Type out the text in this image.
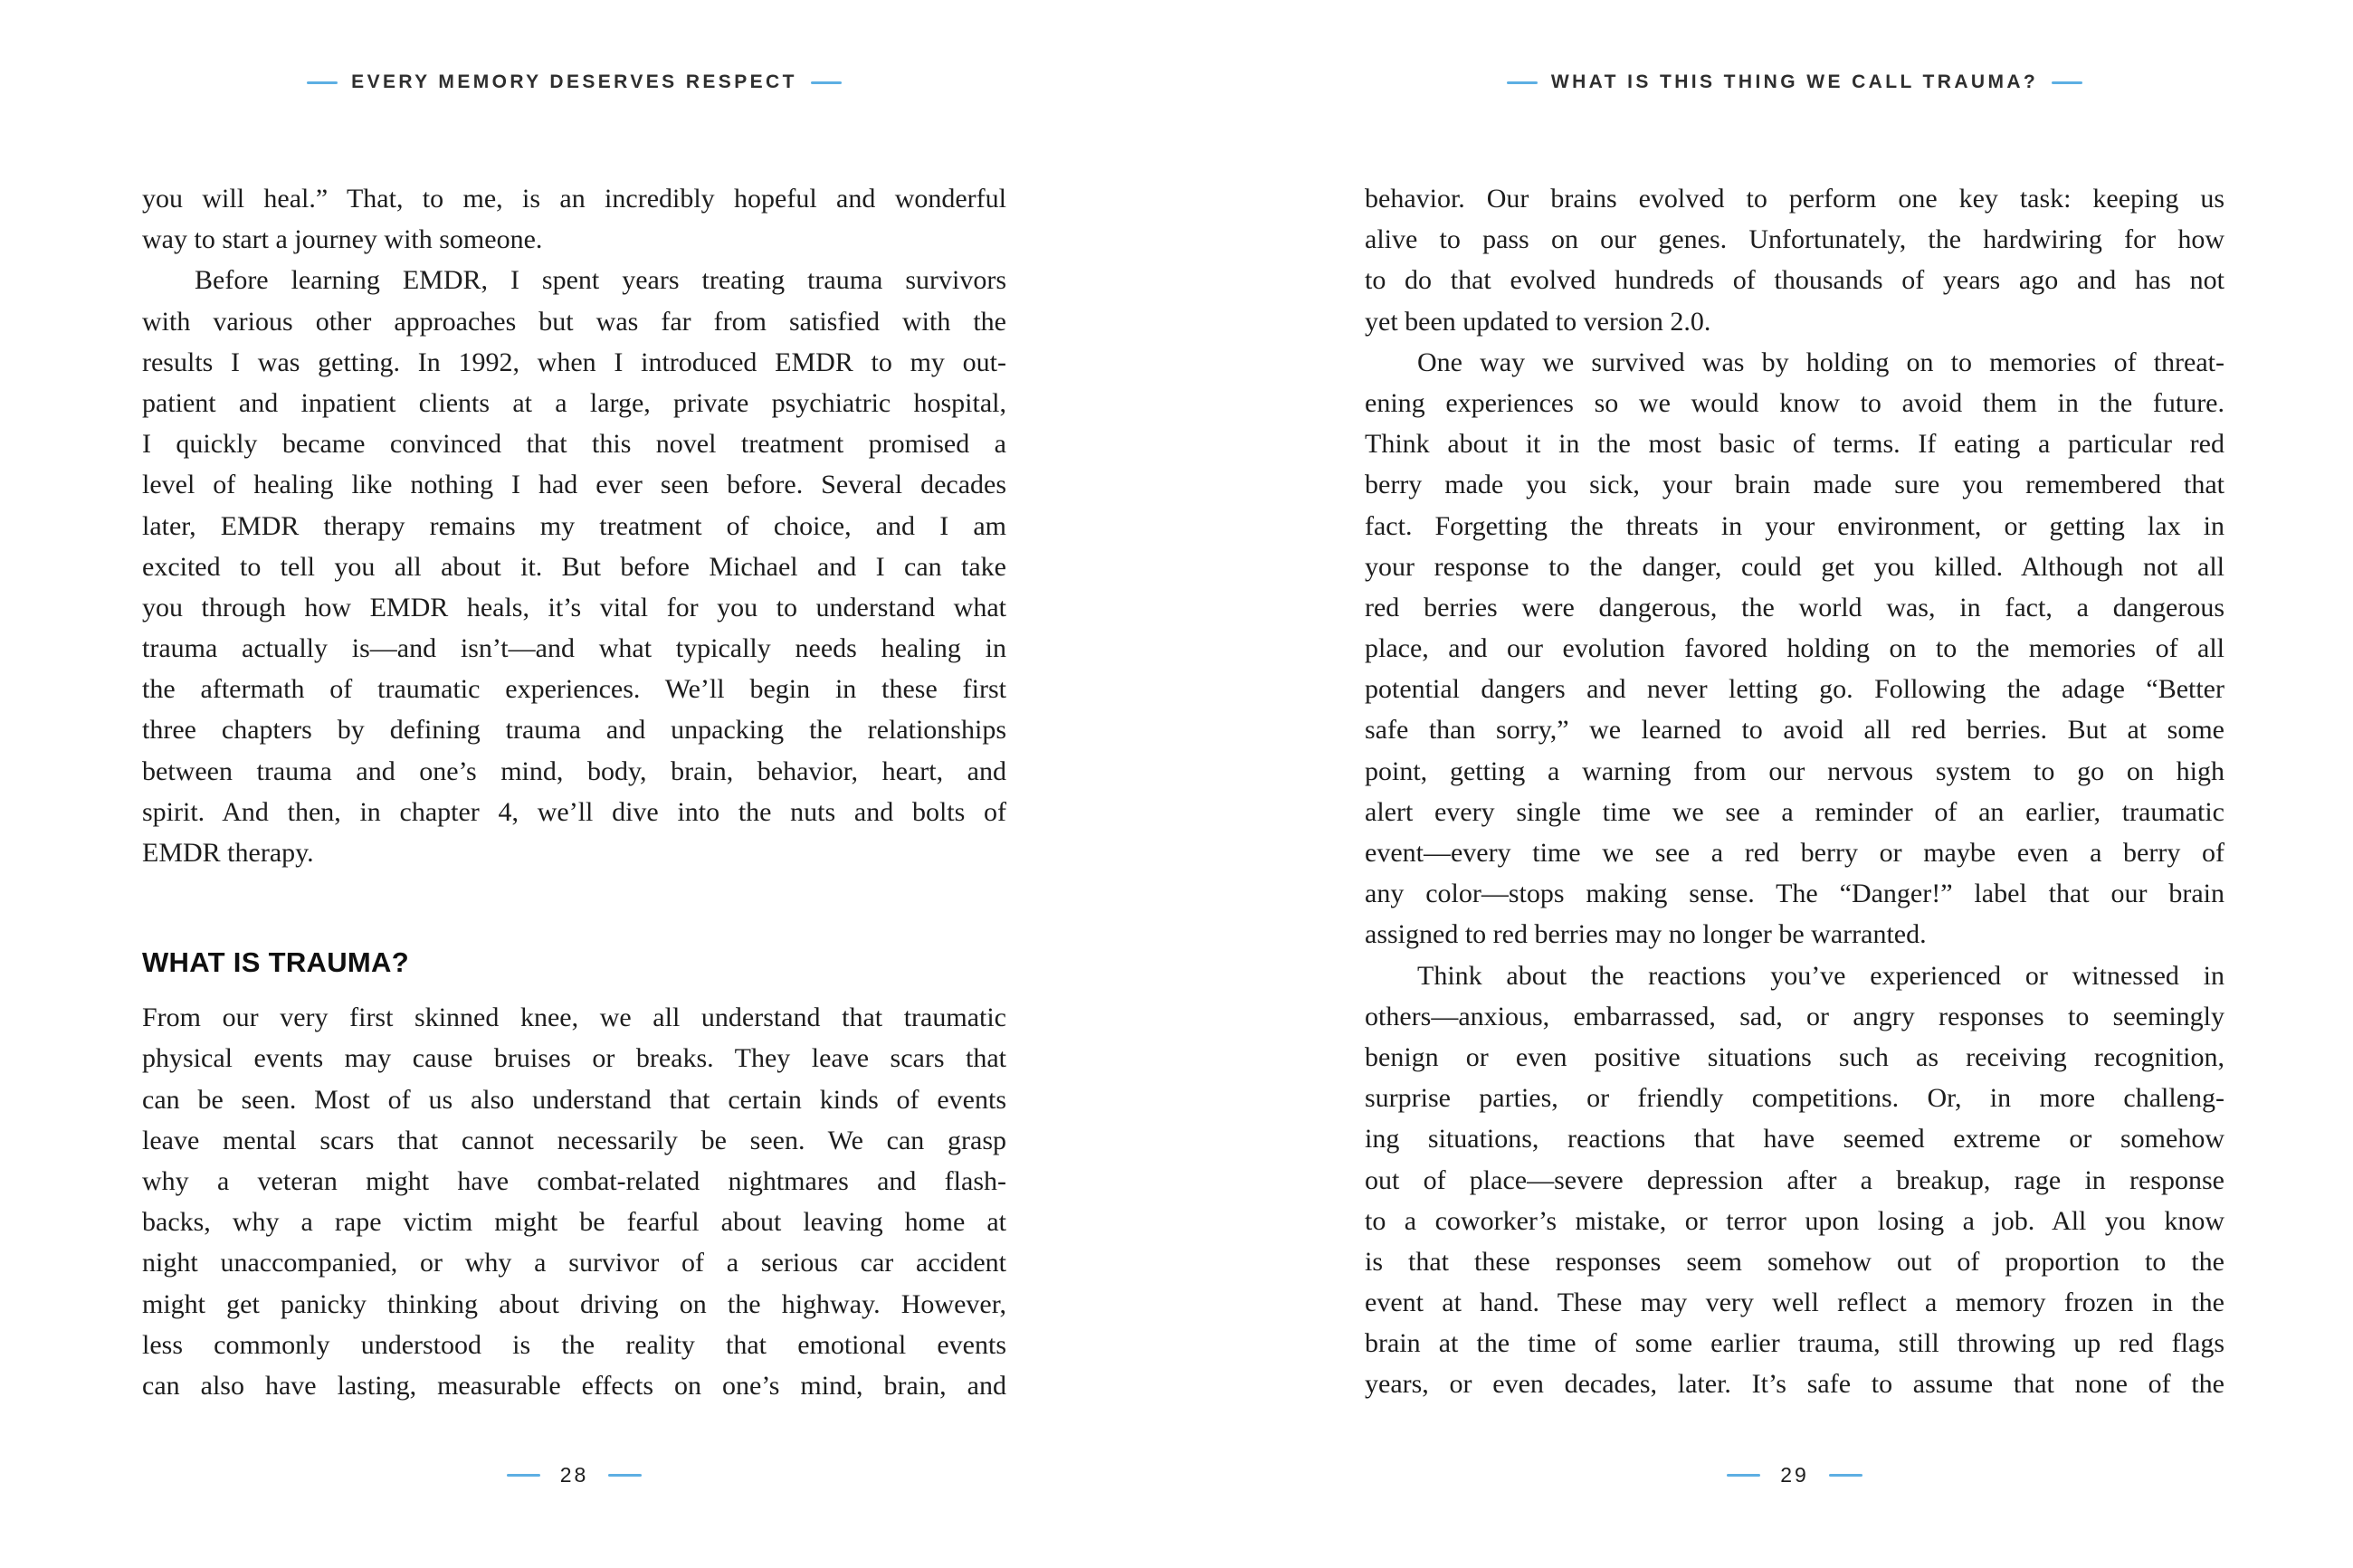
EVERY MEMORY DESERVES RESPECT
you will heal.” That, to me, is an incredibly hopeful and wonderful
way to start a journey with someone.
Before learning EMDR, I spent years treating trauma survivors
with various other approaches but was far from satisfied with the
results I was getting. In 1992, when I introduced EMDR to my out-
patient and inpatient clients at a large, private psychiatric hospital,
I quickly became convinced that this novel treatment promised a
level of healing like nothing I had ever seen before. Several decades
later, EMDR therapy remains my treatment of choice, and I am
excited to tell you all about it. But before Michael and I can take
you through how EMDR heals, it’s vital for you to understand what
trauma actually is—and isn’t—and what typically needs healing in
the aftermath of traumatic experiences. We’ll begin in these first
three chapters by defining trauma and unpacking the relationships
between trauma and one’s mind, body, brain, behavior, heart, and
spirit. And then, in chapter 4, we’ll dive into the nuts and bolts of
EMDR therapy.
WHAT IS TRAUMA?
From our very first skinned knee, we all understand that traumatic
physical events may cause bruises or breaks. They leave scars that
can be seen. Most of us also understand that certain kinds of events
leave mental scars that cannot necessarily be seen. We can grasp
why a veteran might have combat-related nightmares and flash-
backs, why a rape victim might be fearful about leaving home at
night unaccompanied, or why a survivor of a serious car accident
might get panicky thinking about driving on the highway. However,
less commonly understood is the reality that emotional events
can also have lasting, measurable effects on one’s mind, brain, and
28
WHAT IS THIS THING WE CALL TRAUMA?
behavior. Our brains evolved to perform one key task: keeping us
alive to pass on our genes. Unfortunately, the hardwiring for how
to do that evolved hundreds of thousands of years ago and has not
yet been updated to version 2.0.
One way we survived was by holding on to memories of threat-
ening experiences so we would know to avoid them in the future.
Think about it in the most basic of terms. If eating a particular red
berry made you sick, your brain made sure you remembered that
fact. Forgetting the threats in your environment, or getting lax in
your response to the danger, could get you killed. Although not all
red berries were dangerous, the world was, in fact, a dangerous
place, and our evolution favored holding on to the memories of all
potential dangers and never letting go. Following the adage “Better
safe than sorry,” we learned to avoid all red berries. But at some
point, getting a warning from our nervous system to go on high
alert every single time we see a reminder of an earlier, traumatic
event—every time we see a red berry or maybe even a berry of
any color—stops making sense. The “Danger!” label that our brain
assigned to red berries may no longer be warranted.
Think about the reactions you’ve experienced or witnessed in
others—anxious, embarrassed, sad, or angry responses to seemingly
benign or even positive situations such as receiving recognition,
surprise parties, or friendly competitions. Or, in more challeng-
ing situations, reactions that have seemed extreme or somehow
out of place—severe depression after a breakup, rage in response
to a coworker’s mistake, or terror upon losing a job. All you know
is that these responses seem somehow out of proportion to the
event at hand. These may very well reflect a memory frozen in the
brain at the time of some earlier trauma, still throwing up red flags
years, or even decades, later. It’s safe to assume that none of the
29
